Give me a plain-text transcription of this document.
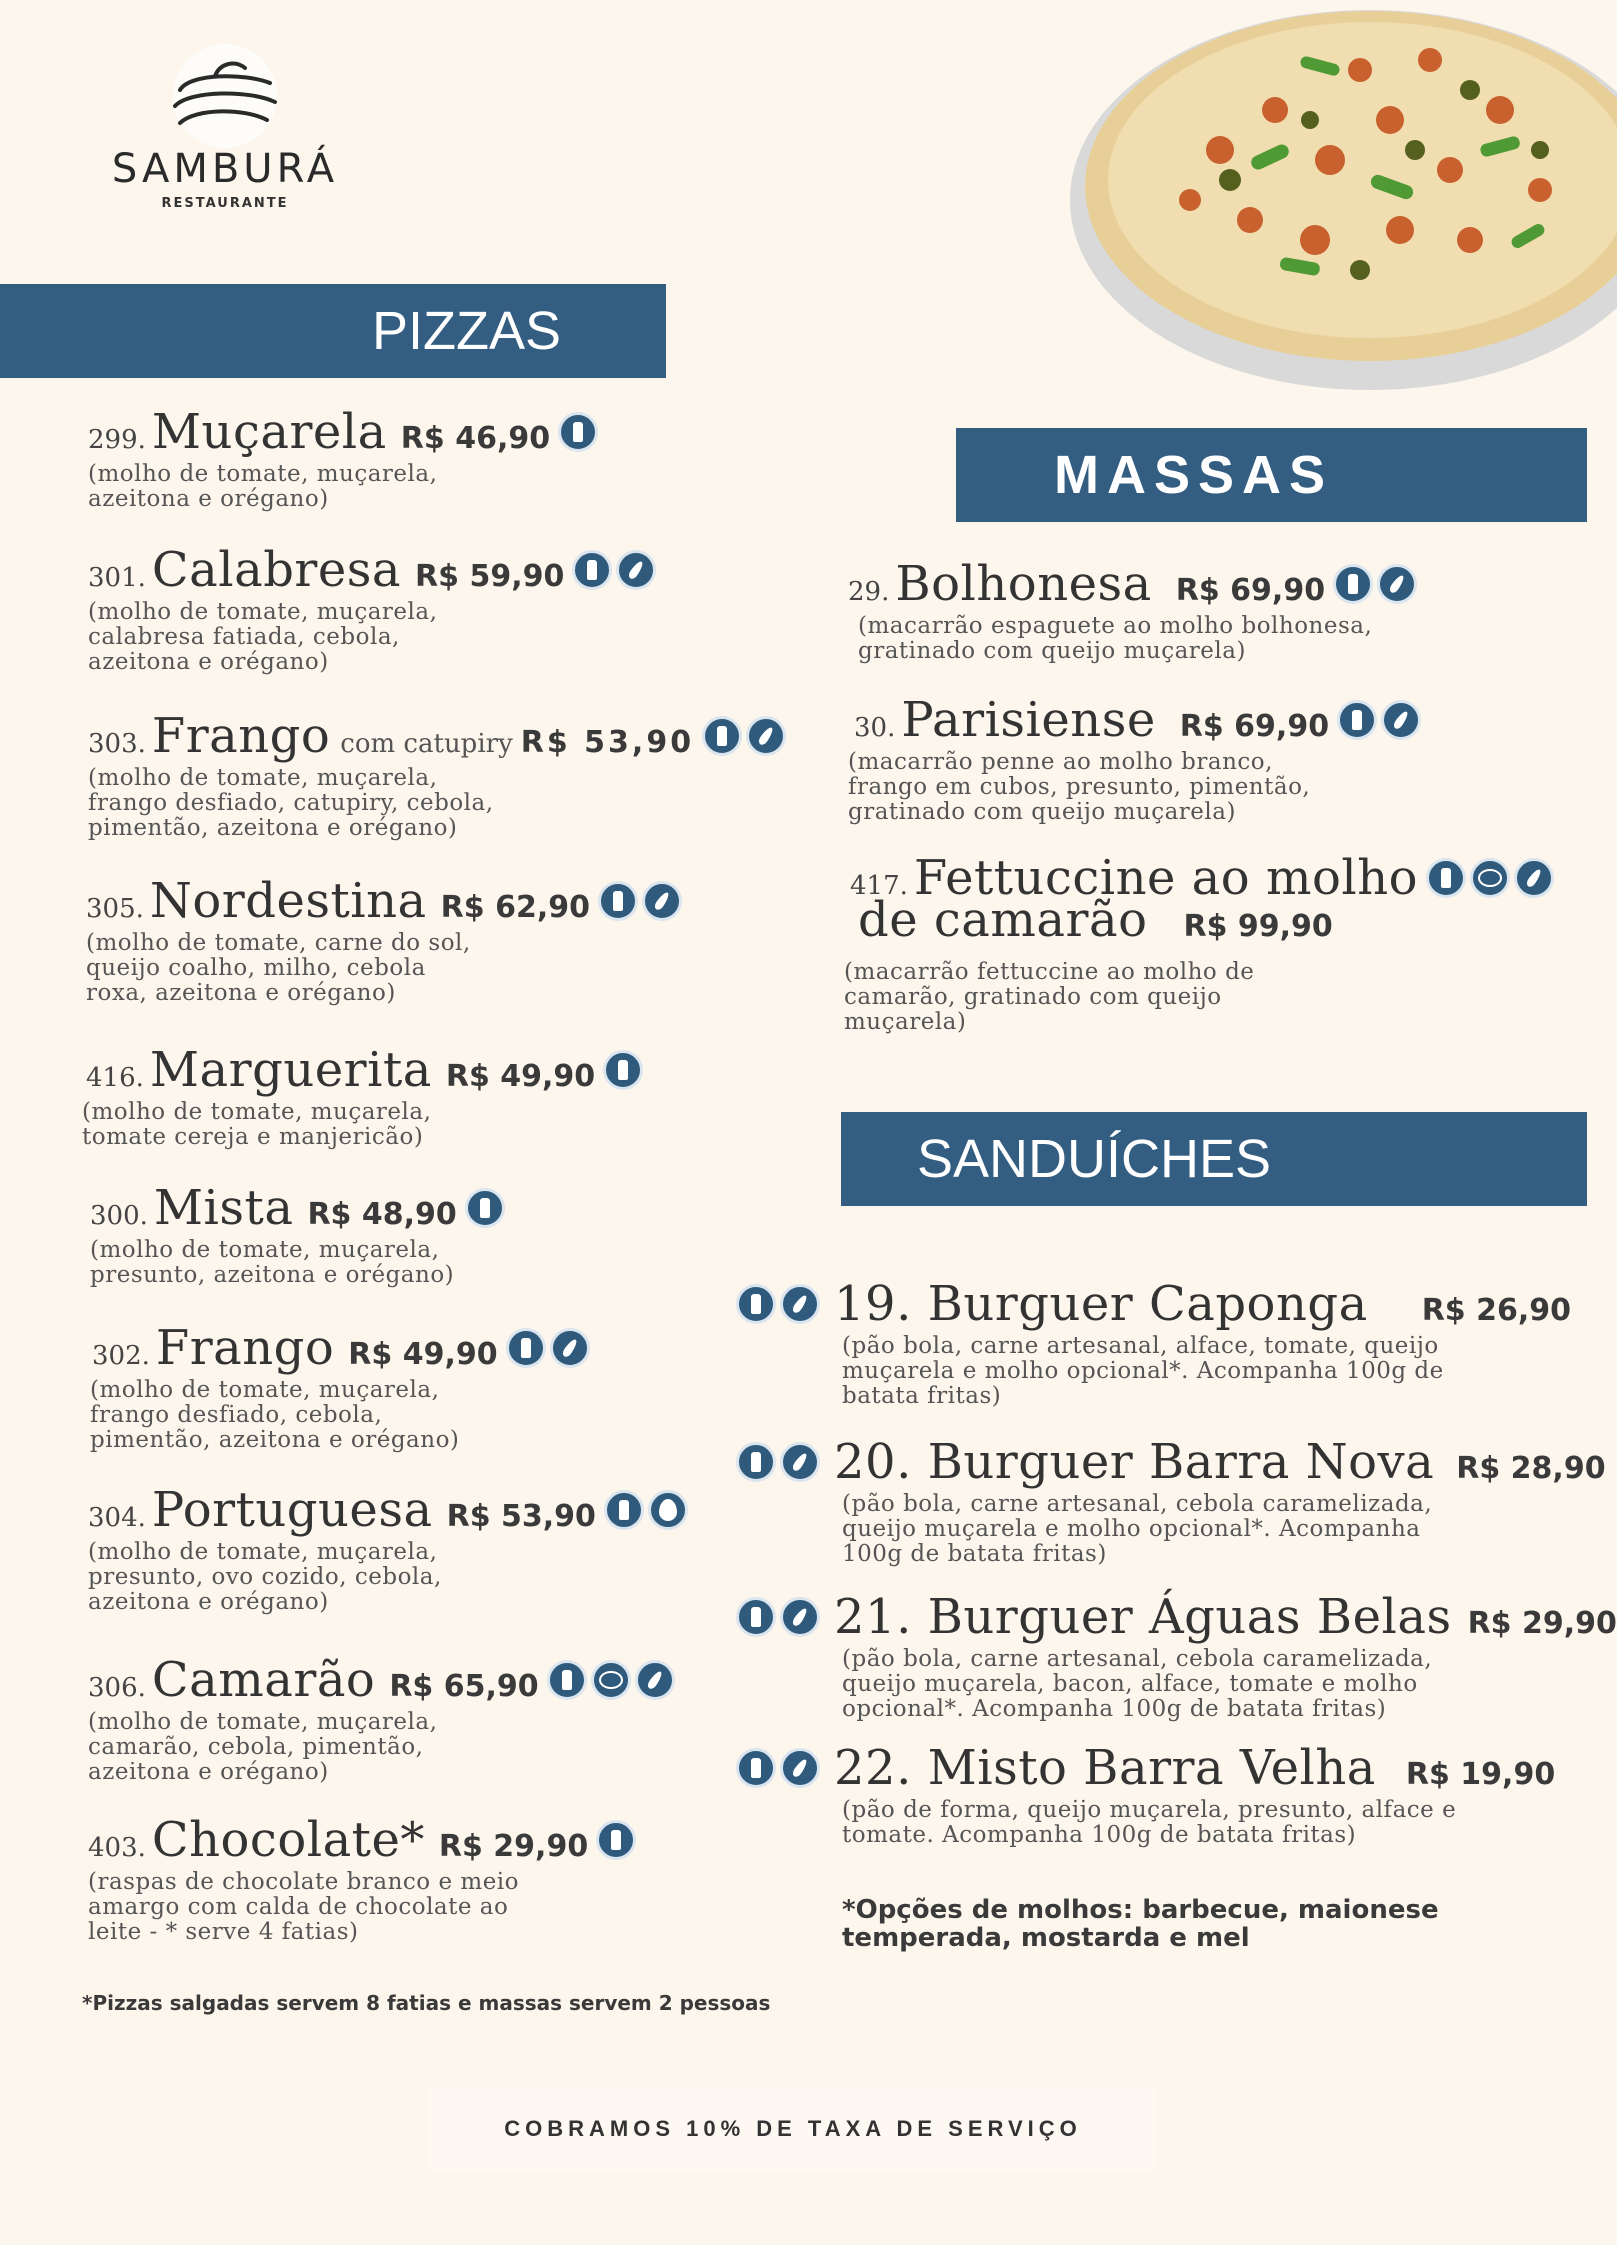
SAMBURÁ
RESTAURANTE
PIZZAS
MASSAS
SANDUÍCHES
299. Muçarela R$ 46,90
(molho de tomate, muçarela,
azeitona e orégano)
301. Calabresa R$ 59,90
(molho de tomate, muçarela,
calabresa fatiada, cebola,
azeitona e orégano)
303. Frango com catupiry R$ 53,90
(molho de tomate, muçarela,
frango desfiado, catupiry, cebola,
pimentão, azeitona e orégano)
305. Nordestina R$ 62,90
(molho de tomate, carne do sol,
queijo coalho, milho, cebola
roxa, azeitona e orégano)
416. Marguerita R$ 49,90
(molho de tomate, muçarela,
tomate cereja e manjericão)
300. Mista R$ 48,90
(molho de tomate, muçarela,
presunto, azeitona e orégano)
302. Frango R$ 49,90
(molho de tomate, muçarela,
frango desfiado, cebola,
pimentão, azeitona e orégano)
304. Portuguesa R$ 53,90
(molho de tomate, muçarela,
presunto, ovo cozido, cebola,
azeitona e orégano)
306. Camarão R$ 65,90
(molho de tomate, muçarela,
camarão, cebola, pimentão,
azeitona e orégano)
403. Chocolate* R$ 29,90
(raspas de chocolate branco e meio
amargo com calda de chocolate ao
leite - * serve 4 fatias)
*Pizzas salgadas servem 8 fatias e massas servem 2 pessoas
29. Bolhonesa R$ 69,90
(macarrão espaguete ao molho bolhonesa,
gratinado com queijo muçarela)
30. Parisiense R$ 69,90
(macarrão penne ao molho branco,
frango em cubos, presunto, pimentão,
gratinado com queijo muçarela)
417. Fettuccine ao molho
de camarão R$ 99,90
(macarrão fettuccine ao molho de
camarão, gratinado com queijo
muçarela)
19. Burguer Caponga R$ 26,90
(pão bola, carne artesanal, alface, tomate, queijo
muçarela e molho opcional*. Acompanha 100g de
batata fritas)
20. Burguer Barra Nova R$ 28,90
(pão bola, carne artesanal, cebola caramelizada,
queijo muçarela e molho opcional*. Acompanha
100g de batata fritas)
21. Burguer Águas Belas R$ 29,90
(pão bola, carne artesanal, cebola caramelizada,
queijo muçarela, bacon, alface, tomate e molho
opcional*. Acompanha 100g de batata fritas)
22. Misto Barra Velha R$ 19,90
(pão de forma, queijo muçarela, presunto, alface e
tomate. Acompanha 100g de batata fritas)
*Opções de molhos: barbecue, maionese
temperada, mostarda e mel
COBRAMOS 10% DE TAXA DE SERVIÇO
